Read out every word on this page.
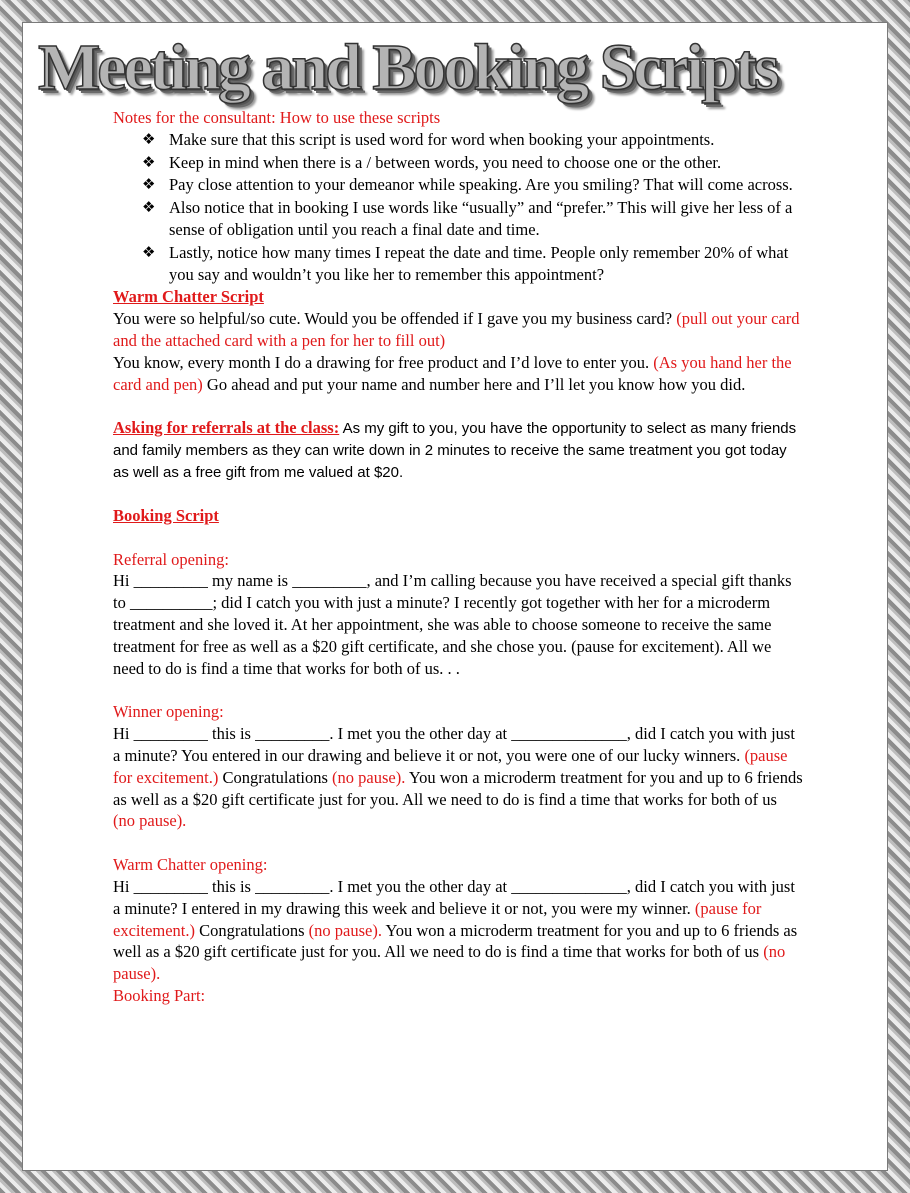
Meeting and Booking Scripts

Notes for the consultant: How to use these scripts

❖ Make sure that this script is used word for word when booking your appointments.
❖ Keep in mind when there is a / between words, you need to choose one or the other.
❖ Pay close attention to your demeanor while speaking. Are you smiling? That will come across.
❖ Also notice that in booking I use words like “usually” and “prefer.” This will give her less of a sense of obligation until you reach a final date and time.
❖ Lastly, notice how many times I repeat the date and time. People only remember 20% of what you say and wouldn’t you like her to remember this appointment?

Warm Chatter Script

You were so helpful/so cute. Would you be offended if I gave you my business card? (pull out your card and the attached card with a pen for her to fill out)

You know, every month I do a drawing for free product and I’d love to enter you. (As you hand her the card and pen) Go ahead and put your name and number here and I’ll let you know how you did.

Asking for referrals at the class: As my gift to you, you have the opportunity to select as many friends and family members as they can write down in 2 minutes to receive the same treatment you got today as well as a free gift from me valued at $20.

Booking Script

Referral opening:

Hi _________ my name is _________, and I’m calling because you have received a special gift thanks to __________; did I catch you with just a minute? I recently got together with her for a microderm treatment and she loved it. At her appointment, she was able to choose someone to receive the same treatment for free as well as a $20 gift certificate, and she chose you. (pause for excitement). All we need to do is find a time that works for both of us. . .

Winner opening:

Hi _________ this is _________. I met you the other day at ______________, did I catch you with just a minute? You entered in our drawing and believe it or not, you were one of our lucky winners. (pause for excitement.) Congratulations (no pause). You won a microderm treatment for you and up to 6 friends as well as a $20 gift certificate just for you. All we need to do is find a time that works for both of us (no pause).

Warm Chatter opening:

Hi _________ this is _________. I met you the other day at ______________, did I catch you with just a minute? I entered in my drawing this week and believe it or not, you were my winner. (pause for excitement.) Congratulations (no pause). You won a microderm treatment for you and up to 6 friends as well as a $20 gift certificate just for you. All we need to do is find a time that works for both of us (no pause).

Booking Part:
